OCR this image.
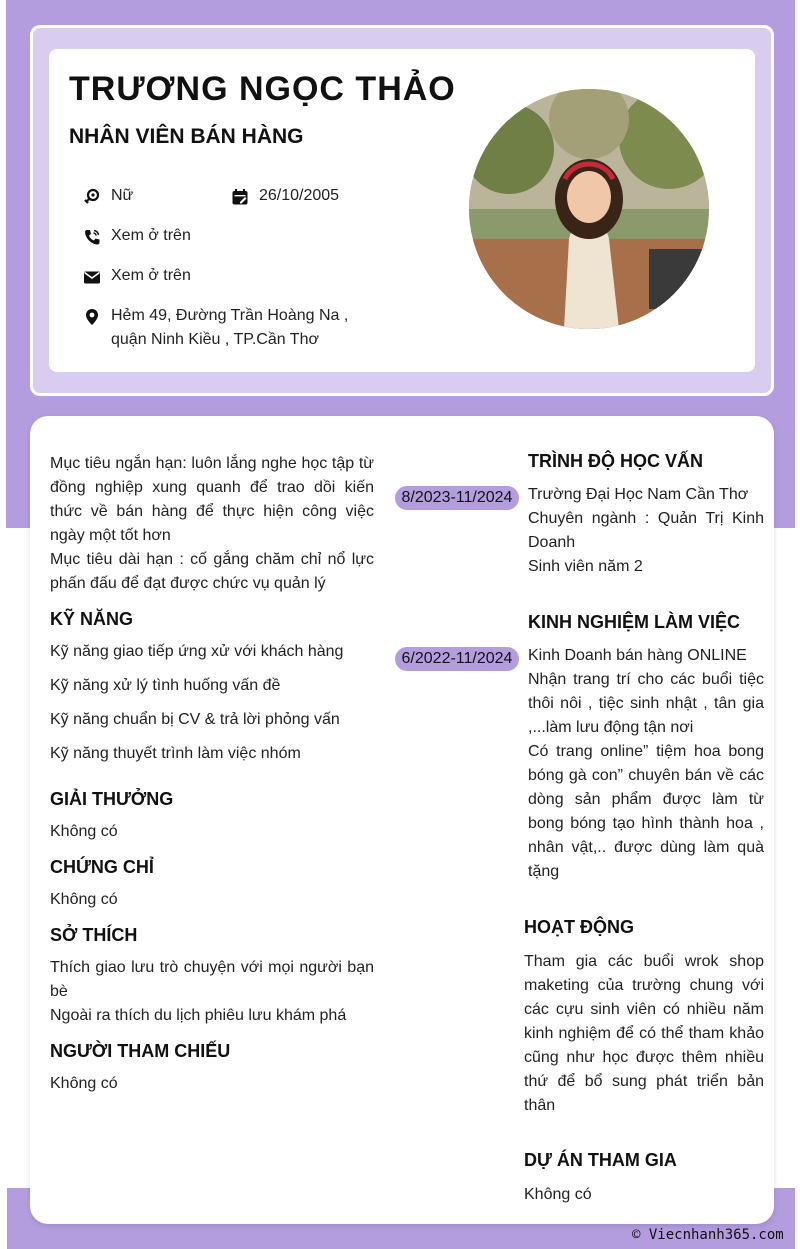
TRƯƠNG NGỌC THẢO
NHÂN VIÊN BÁN HÀNG
Nữ	26/10/2005
Xem ở trên
Xem ở trên
Hẻm 49, Đường Trần Hoàng Na ,
quận Ninh Kiều , TP.Cần Thơ
Mục tiêu ngắn hạn: luôn lắng nghe học tập từ đồng nghiệp xung quanh để trao dồi kiến thức về bán hàng để thực hiện công việc ngày một tốt hơn
Mục tiêu dài hạn : cố gắng chăm chỉ nổ lực phấn đấu để đạt được chức vụ quản lý
KỸ NĂNG
Kỹ năng giao tiếp ứng xử với khách hàng
Kỹ năng xử lý tình huống vấn đề
Kỹ năng chuẩn bị CV & trả lời phỏng vấn
Kỹ năng thuyết trình làm việc nhóm
GIẢI THƯỞNG
Không có
CHỨNG CHỈ
Không có
SỞ THÍCH
Thích giao lưu trò chuyện với mọi người bạn bè
Ngoài ra thích du lịch phiêu lưu khám phá
NGƯỜI THAM CHIẾU
Không có
8/2023-11/2024
TRÌNH ĐỘ HỌC VẤN
Trường Đại Học Nam Cần Thơ
Chuyên ngành : Quản Trị Kinh Doanh
Sinh viên năm 2
6/2022-11/2024
KINH NGHIỆM LÀM VIỆC
Kinh Doanh bán hàng ONLINE
Nhận trang trí cho các buổi tiệc thôi nôi , tiệc sinh nhật , tân gia ,...làm lưu động tận nơi
Có trang online” tiệm hoa bong bóng gà con” chuyên bán về các dòng sản phẩm được làm từ bong bóng tạo hình thành hoa , nhân vật,.. được dùng làm quà tặng
HOẠT ĐỘNG
Tham gia các buổi wrok shop maketing của trường chung với các cựu sinh viên có nhiều năm kinh nghiệm để có thể tham khảo cũng như học được thêm nhiều thứ để bổ sung phát triển bản thân
DỰ ÁN THAM GIA
Không có
© Viecnhanh365.com
